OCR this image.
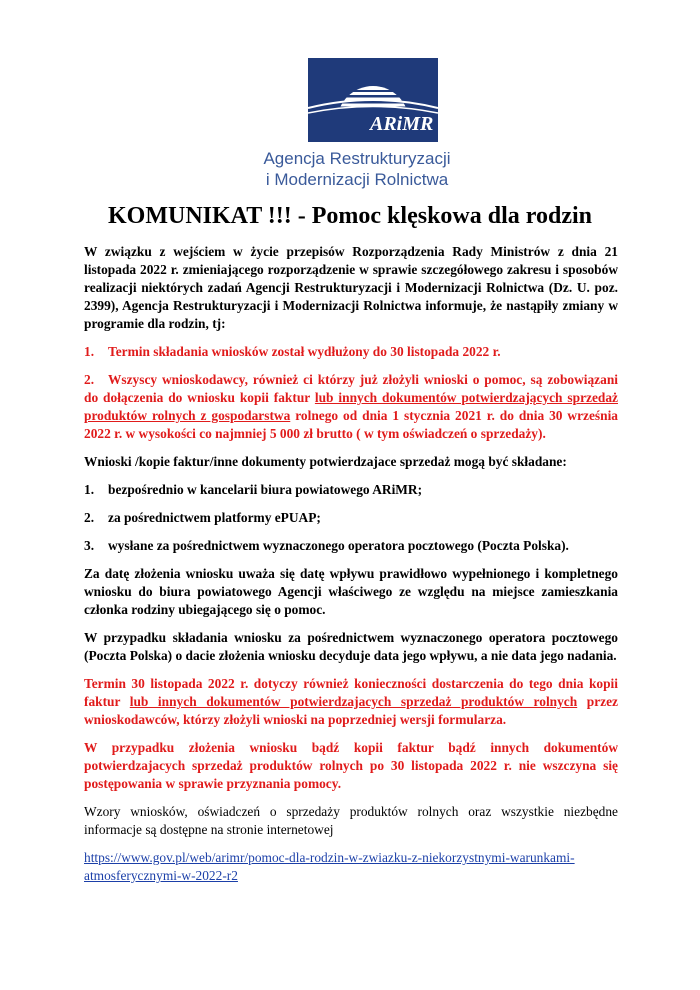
ARiMR
Agencja Restrukturyzacji
i Modernizacji Rolnictwa
KOMUNIKAT !!! - Pomoc klęskowa dla rodzin

W związku z wejściem w życie przepisów Rozporządzenia Rady Ministrów z dnia 21 listopada 2022 r. zmieniającego rozporządzenie w sprawie szczegółowego zakresu i sposobów realizacji niektórych zadań Agencji Restrukturyzacji i Modernizacji Rolnictwa (Dz. U. poz. 2399), Agencja Restrukturyzacji i Modernizacji Rolnictwa informuje, że nastąpiły zmiany w programie dla rodzin, tj:

1. Termin składania wniosków został wydłużony do 30 listopada 2022 r.

2. Wszyscy wnioskodawcy, również ci którzy już złożyli wnioski o pomoc, są zobowiązani do dołączenia do wniosku kopii faktur lub innych dokumentów potwierdzających sprzedaż produktów rolnych z gospodarstwa rolnego od dnia 1 stycznia 2021 r. do dnia 30 września 2022 r. w wysokości co najmniej 5 000 zł brutto ( w tym oświadczeń o sprzedaży).

Wnioski /kopie faktur/inne dokumenty potwierdzajace sprzedaż mogą być składane:

1. bezpośrednio w kancelarii biura powiatowego ARiMR;

2. za pośrednictwem platformy ePUAP;

3. wysłane za pośrednictwem wyznaczonego operatora pocztowego (Poczta Polska).

Za datę złożenia wniosku uważa się datę wpływu prawidłowo wypełnionego i kompletnego wniosku do biura powiatowego Agencji właściwego ze względu na miejsce zamieszkania członka rodziny ubiegającego się o pomoc.

W przypadku składania wniosku za pośrednictwem wyznaczonego operatora pocztowego (Poczta Polska) o dacie złożenia wniosku decyduje data jego wpływu, a nie data jego nadania.

Termin 30 listopada 2022 r. dotyczy również konieczności dostarczenia do tego dnia kopii faktur lub innych dokumentów potwierdzajacych sprzedaż produktów rolnych przez wnioskodawców, którzy złożyli wnioski na poprzedniej wersji formularza.

W przypadku złożenia wniosku bądź kopii faktur bądź innych dokumentów potwierdzajacych sprzedaż produktów rolnych po 30 listopada 2022 r. nie wszczyna się postępowania w sprawie przyznania pomocy.

Wzory wniosków, oświadczeń o sprzedaży produktów rolnych oraz wszystkie niezbędne informacje są dostępne na stronie internetowej

https://www.gov.pl/web/arimr/pomoc-dla-rodzin-w-zwiazku-z-niekorzystnymi-warunkami-
atmosferycznymi-w-2022-r2
